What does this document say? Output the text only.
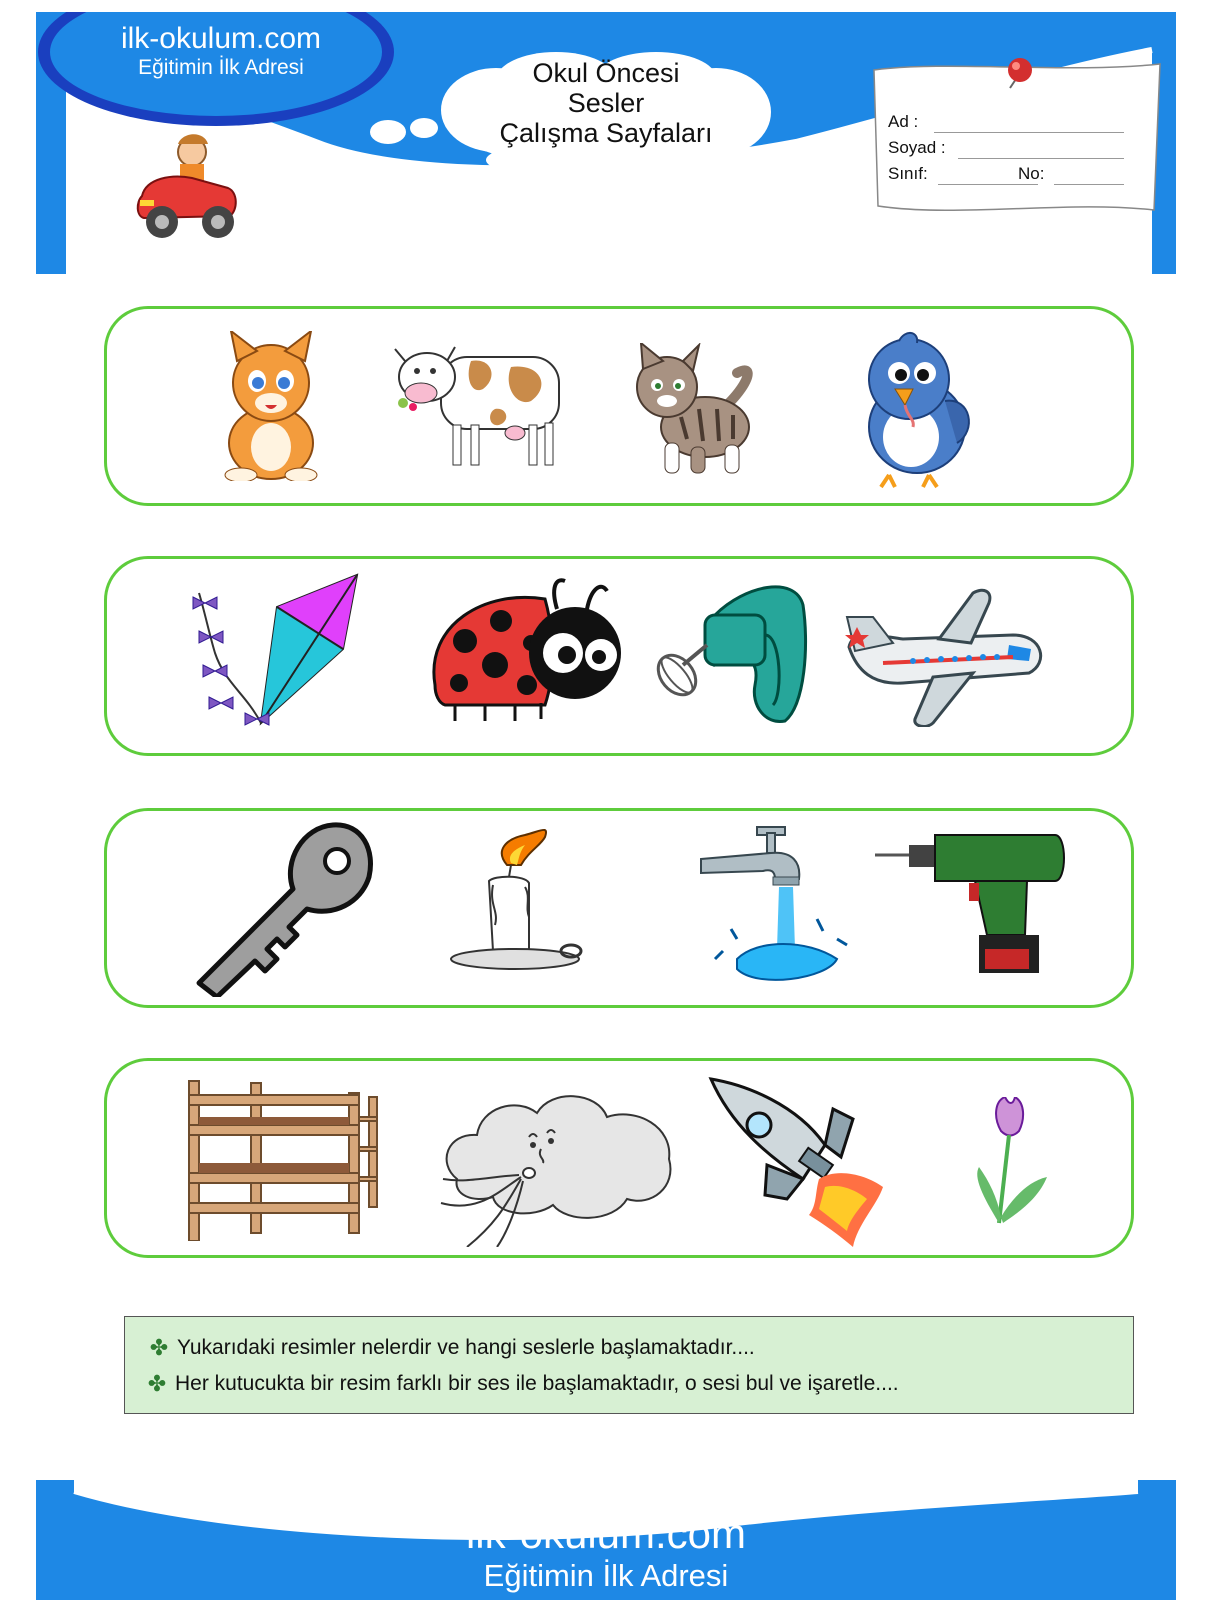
ilk-okulum.com
Eğitimin İlk Adresi	Okul Öncesi
Sesler
Çalışma Sayfaları	Ad :
Soyad :
Sınıf:	No:
✤ Yukarıdaki resimler nelerdir ve hangi seslerle başlamaktadır....
✤ Her kutucukta bir resim farklı bir ses ile başlamaktadır, o sesi bul ve işaretle....
ilk-okulum.com
Eğitimin İlk Adresi
